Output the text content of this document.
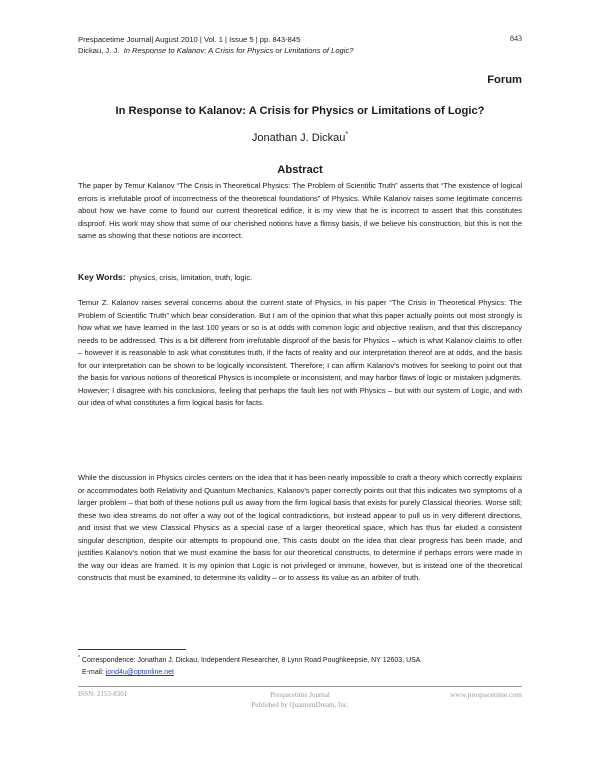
Prespacetime Journal| August 2010 | Vol. 1 | Issue 5 | pp. 843-845
Dickau, J. J. In Response to Kalanov: A Crisis for Physics or Limitations of Logic?
843
Forum
In Response to Kalanov: A Crisis for Physics or Limitations of Logic?
Jonathan J. Dickau*
Abstract

The paper by Temur Kalanov “The Crisis in Theoretical Physics: The Problem of Scientific Truth” asserts that “The existence of logical errors is irrefutable proof of incorrectness of the theoretical foundations” of Physics. While Kalanov raises some legitimate concerns about how we have come to found our current theoretical edifice, it is my view that he is incorrect to assert that this constitutes disproof. His work may show that some of our cherished notions have a flimsy basis, if we believe his construction, but this is not the same as showing that these notions are incorrect.

Key Words: physics, crisis, limitation, truth, logic.

Temur Z. Kalanov raises several concerns about the current state of Physics, in his paper “The Crisis in Theoretical Physics: The Problem of Scientific Truth” which bear consideration. But I am of the opinion that what this paper actually points out most strongly is how what we have learned in the last 100 years or so is at odds with common logic and objective realism, and that this discrepancy needs to be addressed. This is a bit different from irrefutable disproof of the basis for Physics – which is what Kalanov claims to offer – however it is reasonable to ask what constitutes truth, if the facts of reality and our interpretation thereof are at odds, and the basis for our interpretation can be shown to be logically inconsistent. Therefore; I can affirm Kalanov’s motives for seeking to point out that the basis for various notions of theoretical Physics is incomplete or inconsistent, and may harbor flaws of logic or mistaken judgments. However; I disagree with his conclusions, feeling that perhaps the fault lies not with Physics – but with our system of Logic, and with our idea of what constitutes a firm logical basis for facts.

While the discussion in Physics circles centers on the idea that it has been nearly impossible to craft a theory which correctly explains or accommodates both Relativity and Quantum Mechanics, Kalanov’s paper correctly points out that this indicates two symptoms of a larger problem – that both of these notions pull us away from the firm logical basis that exists for purely Classical theories. Worse still; these two idea streams do not offer a way out of the logical contradictions, but instead appear to pull us in very different directions, and insist that we view Classical Physics as a special case of a larger theoretical space, which has thus far eluded a consistent singular description, despite our attempts to propound one. This casts doubt on the idea that clear progress has been made, and justifies Kalanov’s notion that we must examine the basis for our theoretical constructs, to determine if perhaps errors were made in the way our ideas are framed. It is my opinion that Logic is not privileged or immune, however, but is instead one of the theoretical constructs that must be examined, to determine its validity – or to assess its value as an arbiter of truth.

* Correspondence: Jonathan J. Dickau, Independent Researcher, 8 Lynn Road Poughkeepsie, NY 12603, USA
E-mail: jond4u@optonline.net
ISSN: 2153-8301	Prespacetime Journal
Published by QuantumDream, Inc.
www.prespacetime.com
